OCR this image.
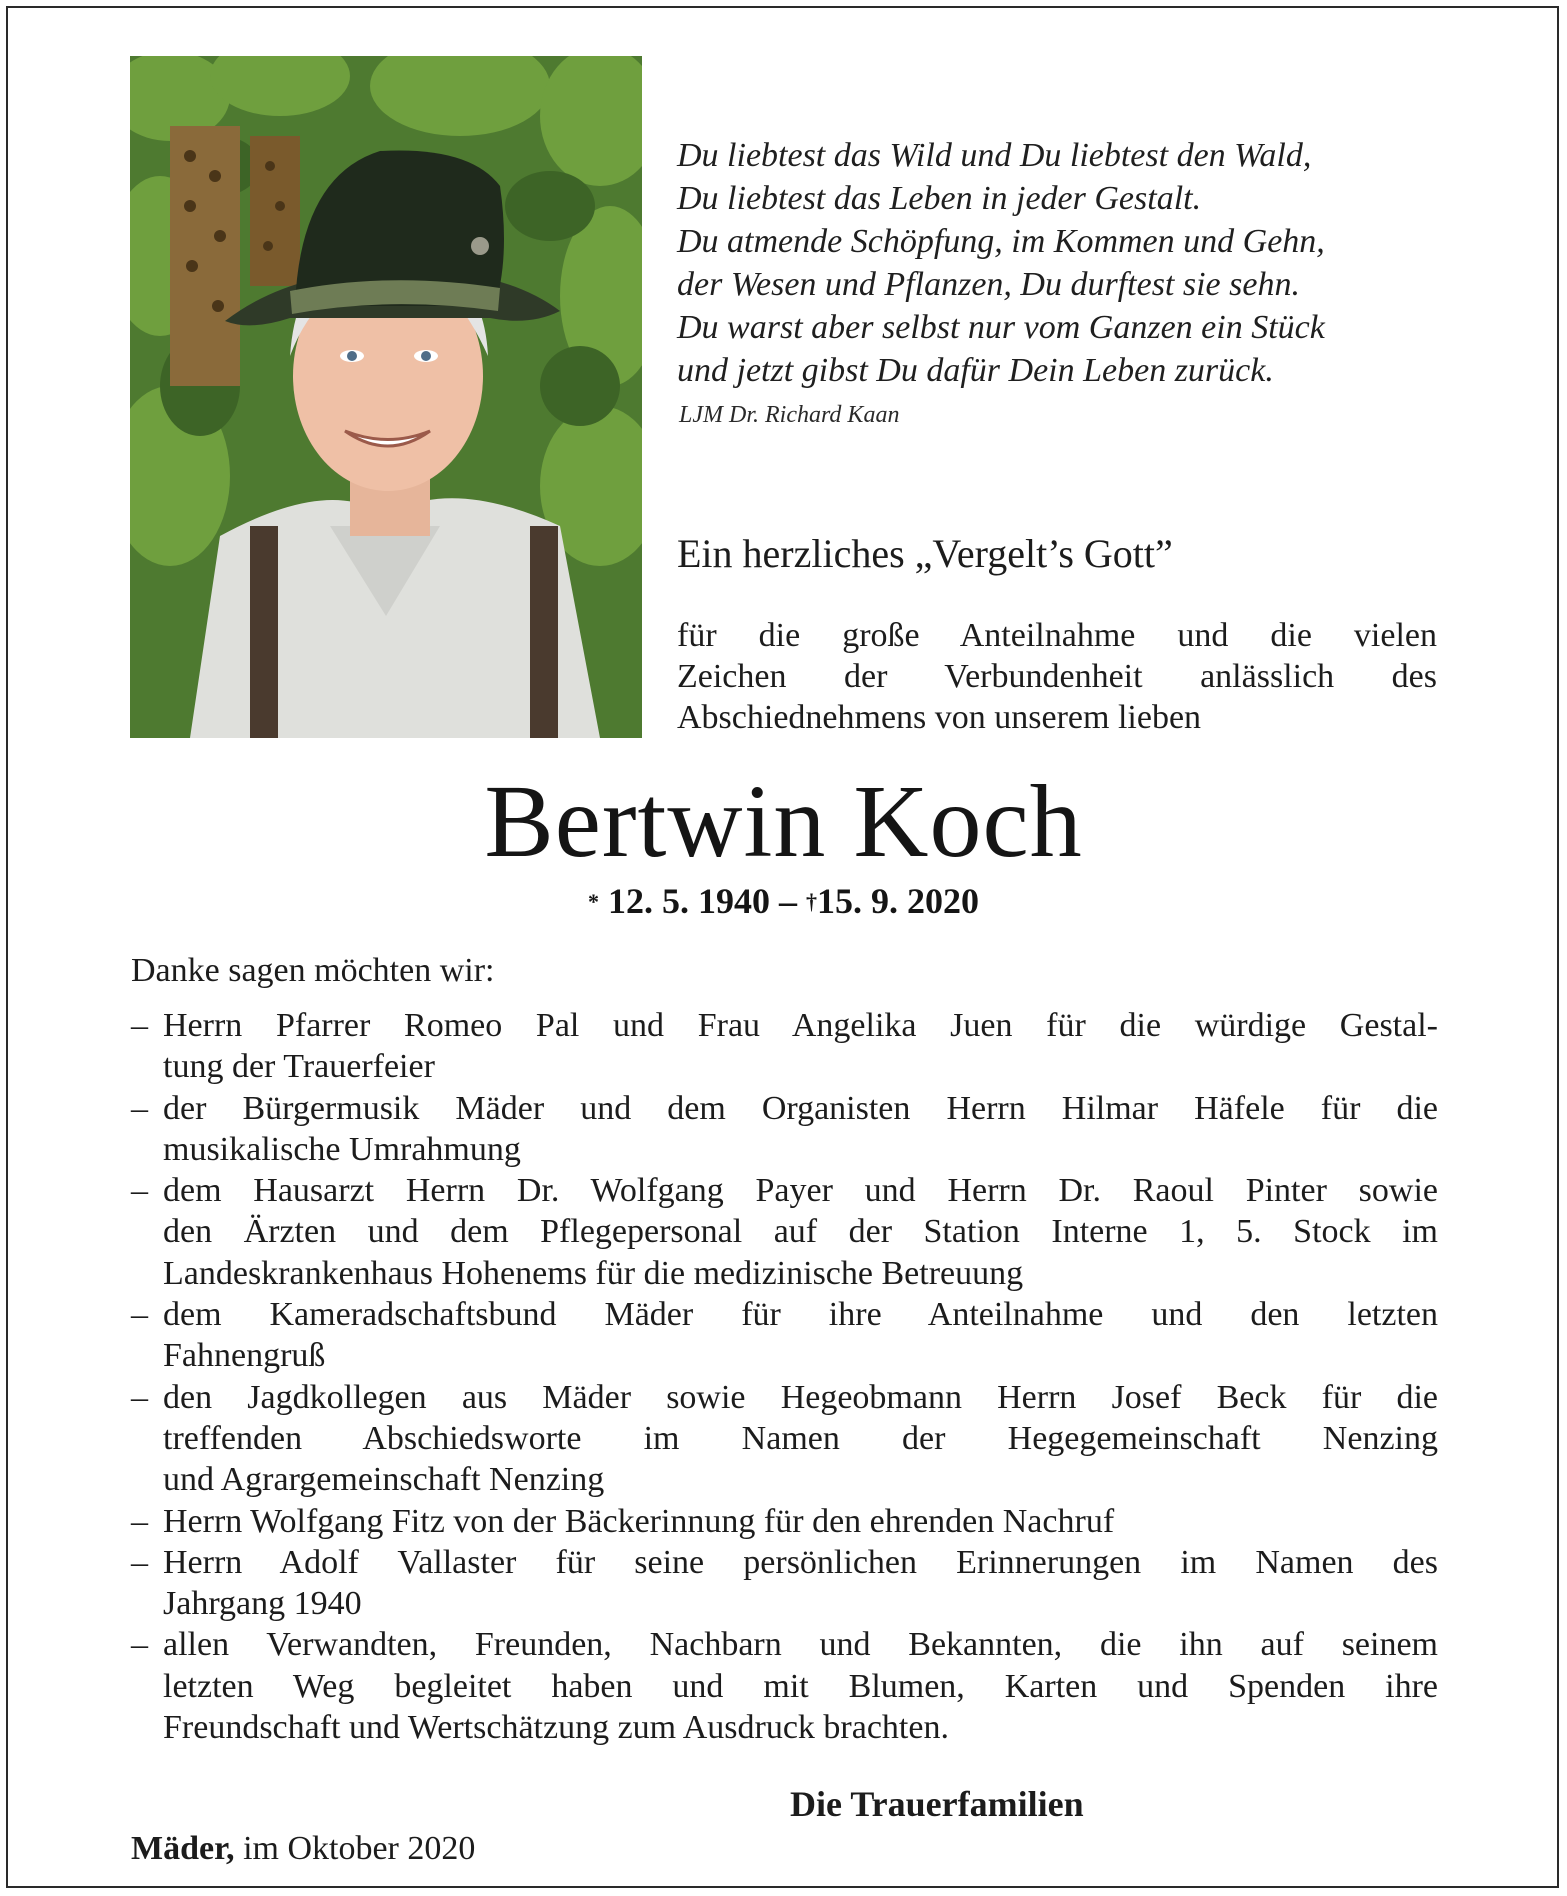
Du liebtest das Wild und Du liebtest den Wald,
Du liebtest das Leben in jeder Gestalt.
Du atmende Schöpfung, im Kommen und Gehn,
der Wesen und Pflanzen, Du durftest sie sehn.
Du warst aber selbst nur vom Ganzen ein Stück
und jetzt gibst Du dafür Dein Leben zurück.
LJM Dr. Richard Kaan
Ein herzliches „Vergelt’s Gott”
für die große Anteilnahme und die vielen
Zeichen der Verbundenheit anlässlich des
Abschiednehmens von unserem lieben
Bertwin Koch
* 12. 5. 1940 – †15. 9. 2020
Danke sagen möchten wir:
– Herrn Pfarrer Romeo Pal und Frau Angelika Juen für die würdige Gestal-
tung der Trauerfeier
– der Bürgermusik Mäder und dem Organisten Herrn Hilmar Häfele für die
musikalische Umrahmung
– dem Hausarzt Herrn Dr. Wolfgang Payer und Herrn Dr. Raoul Pinter sowie
den Ärzten und dem Pflegepersonal auf der Station Interne 1, 5. Stock im
Landeskrankenhaus Hohenems für die medizinische Betreuung
– dem Kameradschaftsbund Mäder für ihre Anteilnahme und den letzten
Fahnengruß
– den Jagdkollegen aus Mäder sowie Hegeobmann Herrn Josef Beck für die
treffenden Abschiedsworte im Namen der Hegegemeinschaft Nenzing
und Agrargemeinschaft Nenzing
– Herrn Wolfgang Fitz von der Bäckerinnung für den ehrenden Nachruf
– Herrn Adolf Vallaster für seine persönlichen Erinnerungen im Namen des
Jahrgang 1940
– allen Verwandten, Freunden, Nachbarn und Bekannten, die ihn auf seinem
letzten Weg begleitet haben und mit Blumen, Karten und Spenden ihre
Freundschaft und Wertschätzung zum Ausdruck brachten.
Die Trauerfamilien
Mäder, im Oktober 2020
